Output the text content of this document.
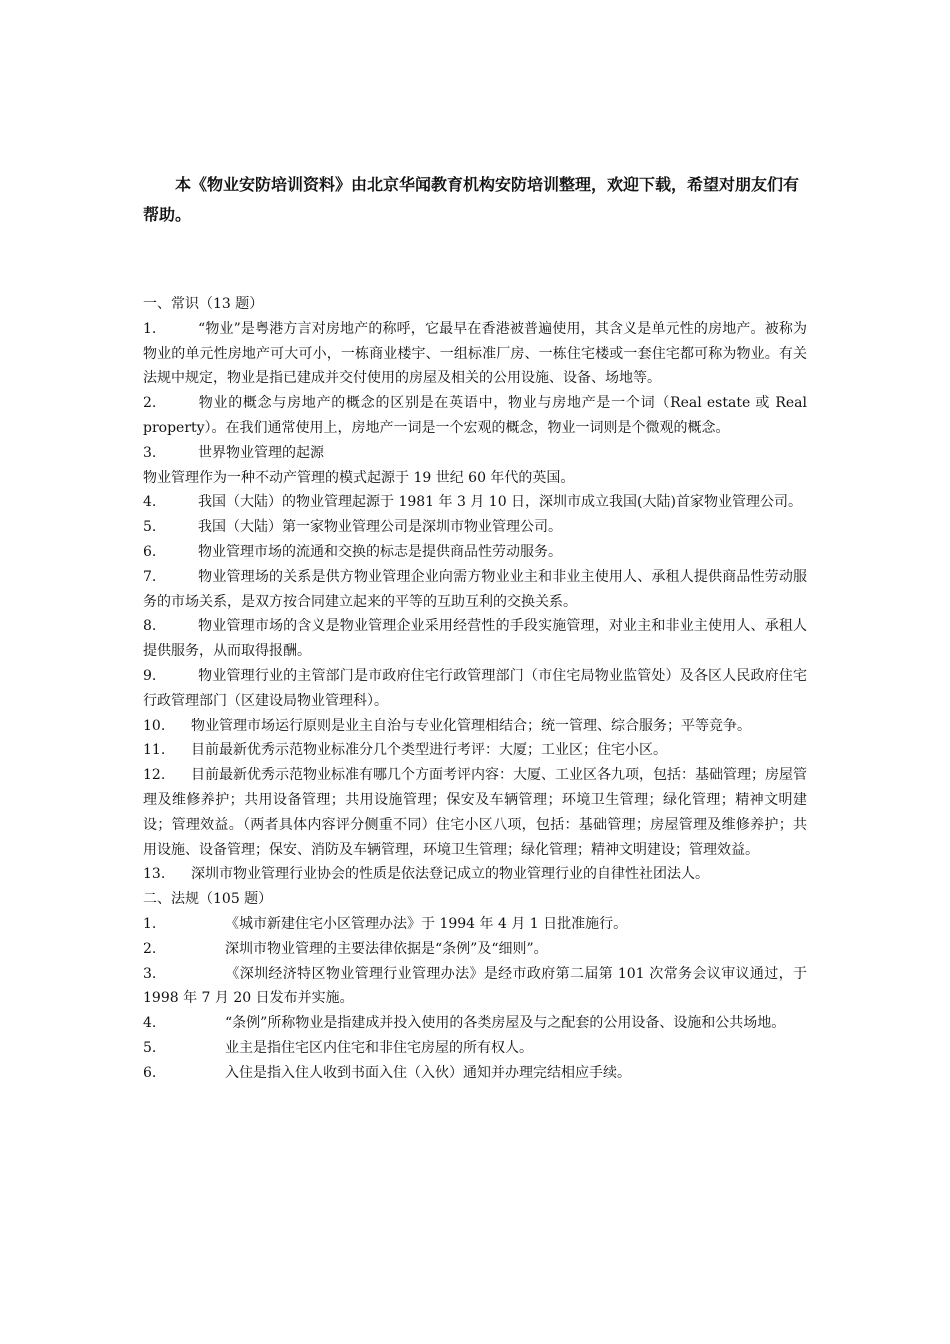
本《物业安防培训资料》由北京华闻教育机构安防培训整理，欢迎下载，希望对朋友们有帮助。

一、常识（13 题）

1.	“物业”是粤港方言对房地产的称呼，它最早在香港被普遍使用，其含义是单元性的房地产。被称为物业的单元性房地产可大可小，一栋商业楼宇、一组标准厂房、一栋住宅楼或一套住宅都可称为物业。有关法规中规定，物业是指已建成并交付使用的房屋及相关的公用设施、设备、场地等。

2.	物业的概念与房地产的概念的区别是在英语中，物业与房地产是一个词（Real estate 或 Real property）。在我们通常使用上，房地产一词是一个宏观的概念，物业一词则是个微观的概念。

3.	世界物业管理的起源

物业管理作为一种不动产管理的模式起源于 19 世纪 60 年代的英国。

4.	我国（大陆）的物业管理起源于 1981 年 3 月 10 日，深圳市成立我国(大陆)首家物业管理公司。

5.	我国（大陆）第一家物业管理公司是深圳市物业管理公司。

6.	物业管理市场的流通和交换的标志是提供商品性劳动服务。

7.	物业管理场的关系是供方物业管理企业向需方物业业主和非业主使用人、承租人提供商品性劳动服务的市场关系，是双方按合同建立起来的平等的互助互利的交换关系。

8.	物业管理市场的含义是物业管理企业采用经营性的手段实施管理，对业主和非业主使用人、承租人提供服务，从而取得报酬。

9.	物业管理行业的主管部门是市政府住宅行政管理部门（市住宅局物业监管处）及各区人民政府住宅行政管理部门（区建设局物业管理科）。

10. 物业管理市场运行原则是业主自治与专业化管理相结合；统一管理、综合服务；平等竞争。

11. 目前最新优秀示范物业标准分几个类型进行考评：大厦；工业区；住宅小区。

12. 目前最新优秀示范物业标准有哪几个方面考评内容：大厦、工业区各九项，包括：基础管理；房屋管理及维修养护；共用设备管理；共用设施管理；保安及车辆管理；环境卫生管理；绿化管理；精神文明建设；管理效益。（两者具体内容评分侧重不同）住宅小区八项，包括：基础管理；房屋管理及维修养护；共用设施、设备管理；保安、消防及车辆管理，环境卫生管理；绿化管理；精神文明建设；管理效益。

13. 深圳市物业管理行业协会的性质是依法登记成立的物业管理行业的自律性社团法人。

二、法规（105 题）

1.	《城市新建住宅小区管理办法》于 1994 年 4 月 1 日批准施行。

2.	深圳市物业管理的主要法律依据是“条例”及“细则”。

3.	《深圳经济特区物业管理行业管理办法》是经市政府第二届第 101 次常务会议审议通过，于 1998 年 7 月 20 日发布并实施。

4.	“条例”所称物业是指建成并投入使用的各类房屋及与之配套的公用设备、设施和公共场地。

5.	业主是指住宅区内住宅和非住宅房屋的所有权人。

6.	入住是指入住人收到书面入住（入伙）通知并办理完结相应手续。
